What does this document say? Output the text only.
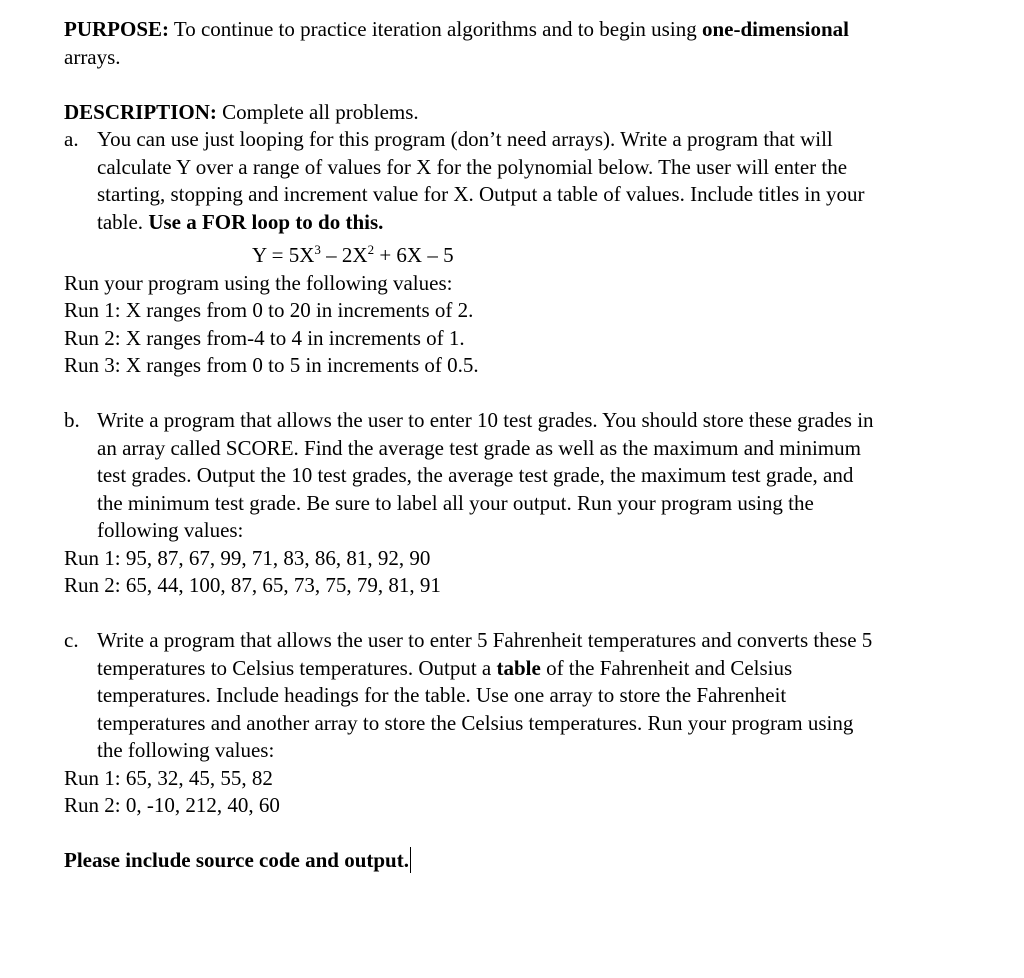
PURPOSE: To continue to practice iteration algorithms and to begin using one-dimensional
arrays.
DESCRIPTION: Complete all problems.
a. You can use just looping for this program (don’t need arrays). Write a program that will
calculate Y over a range of values for X for the polynomial below. The user will enter the
starting, stopping and increment value for X. Output a table of values. Include titles in your
table. Use a FOR loop to do this.
$Y = 5X^3 - 2X^2 + 6X - 5$
Run your program using the following values:
Run 1: X ranges from 0 to 20 in increments of 2.
Run 2: X ranges from-4 to 4 in increments of 1.
Run 3: X ranges from 0 to 5 in increments of 0.5.
b. Write a program that allows the user to enter 10 test grades. You should store these grades in
an array called SCORE. Find the average test grade as well as the maximum and minimum
test grades. Output the 10 test grades, the average test grade, the maximum test grade, and
the minimum test grade. Be sure to label all your output. Run your program using the
following values:
Run 1: 95, 87, 67, 99, 71, 83, 86, 81, 92, 90
Run 2: 65, 44, 100, 87, 65, 73, 75, 79, 81, 91
c. Write a program that allows the user to enter 5 Fahrenheit temperatures and converts these 5
temperatures to Celsius temperatures. Output a table of the Fahrenheit and Celsius
temperatures. Include headings for the table. Use one array to store the Fahrenheit
temperatures and another array to store the Celsius temperatures. Run your program using
the following values:
Run 1: 65, 32, 45, 55, 82
Run 2: 0, -10, 212, 40, 60
Please include source code and output.
